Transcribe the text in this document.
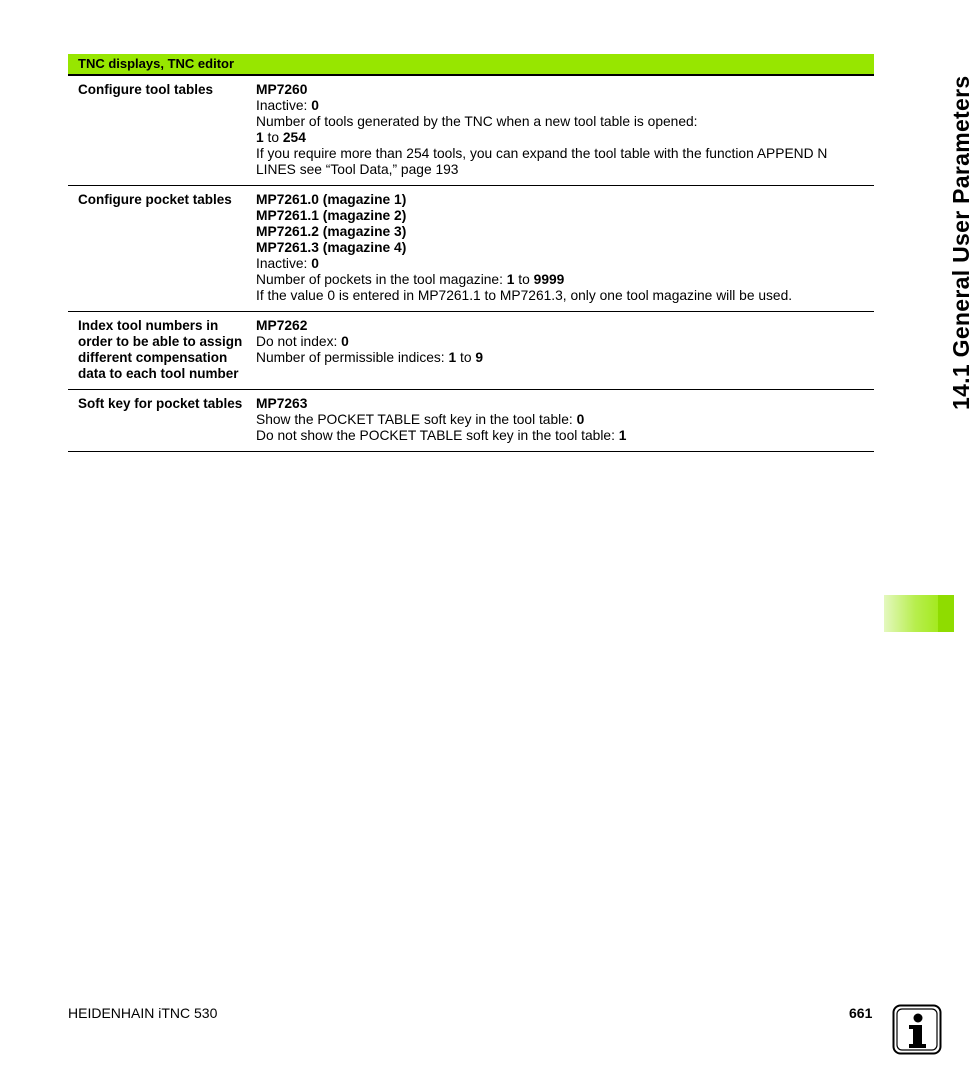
TNC displays, TNC editor
Configure tool tables	MP7260
Inactive: 0
Number of tools generated by the TNC when a new tool table is opened:
1 to 254
If you require more than 254 tools, you can expand the tool table with the function APPEND N LINES see “Tool Data,” page 193
Configure pocket tables	MP7261.0 (magazine 1)
MP7261.1 (magazine 2)
MP7261.2 (magazine 3)
MP7261.3 (magazine 4)
Inactive: 0
Number of pockets in the tool magazine: 1 to 9999
If the value 0 is entered in MP7261.1 to MP7261.3, only one tool magazine will be used.
Index tool numbers in order to be able to assign different compensation data to each tool number
MP7262
Do not index: 0
Number of permissible indices: 1 to 9
Soft key for pocket tables MP7263
Show the POCKET TABLE soft key in the tool table: 0
Do not show the POCKET TABLE soft key in the tool table: 1
14.1 General User Parameters
HEIDENHAIN iTNC 530	661
